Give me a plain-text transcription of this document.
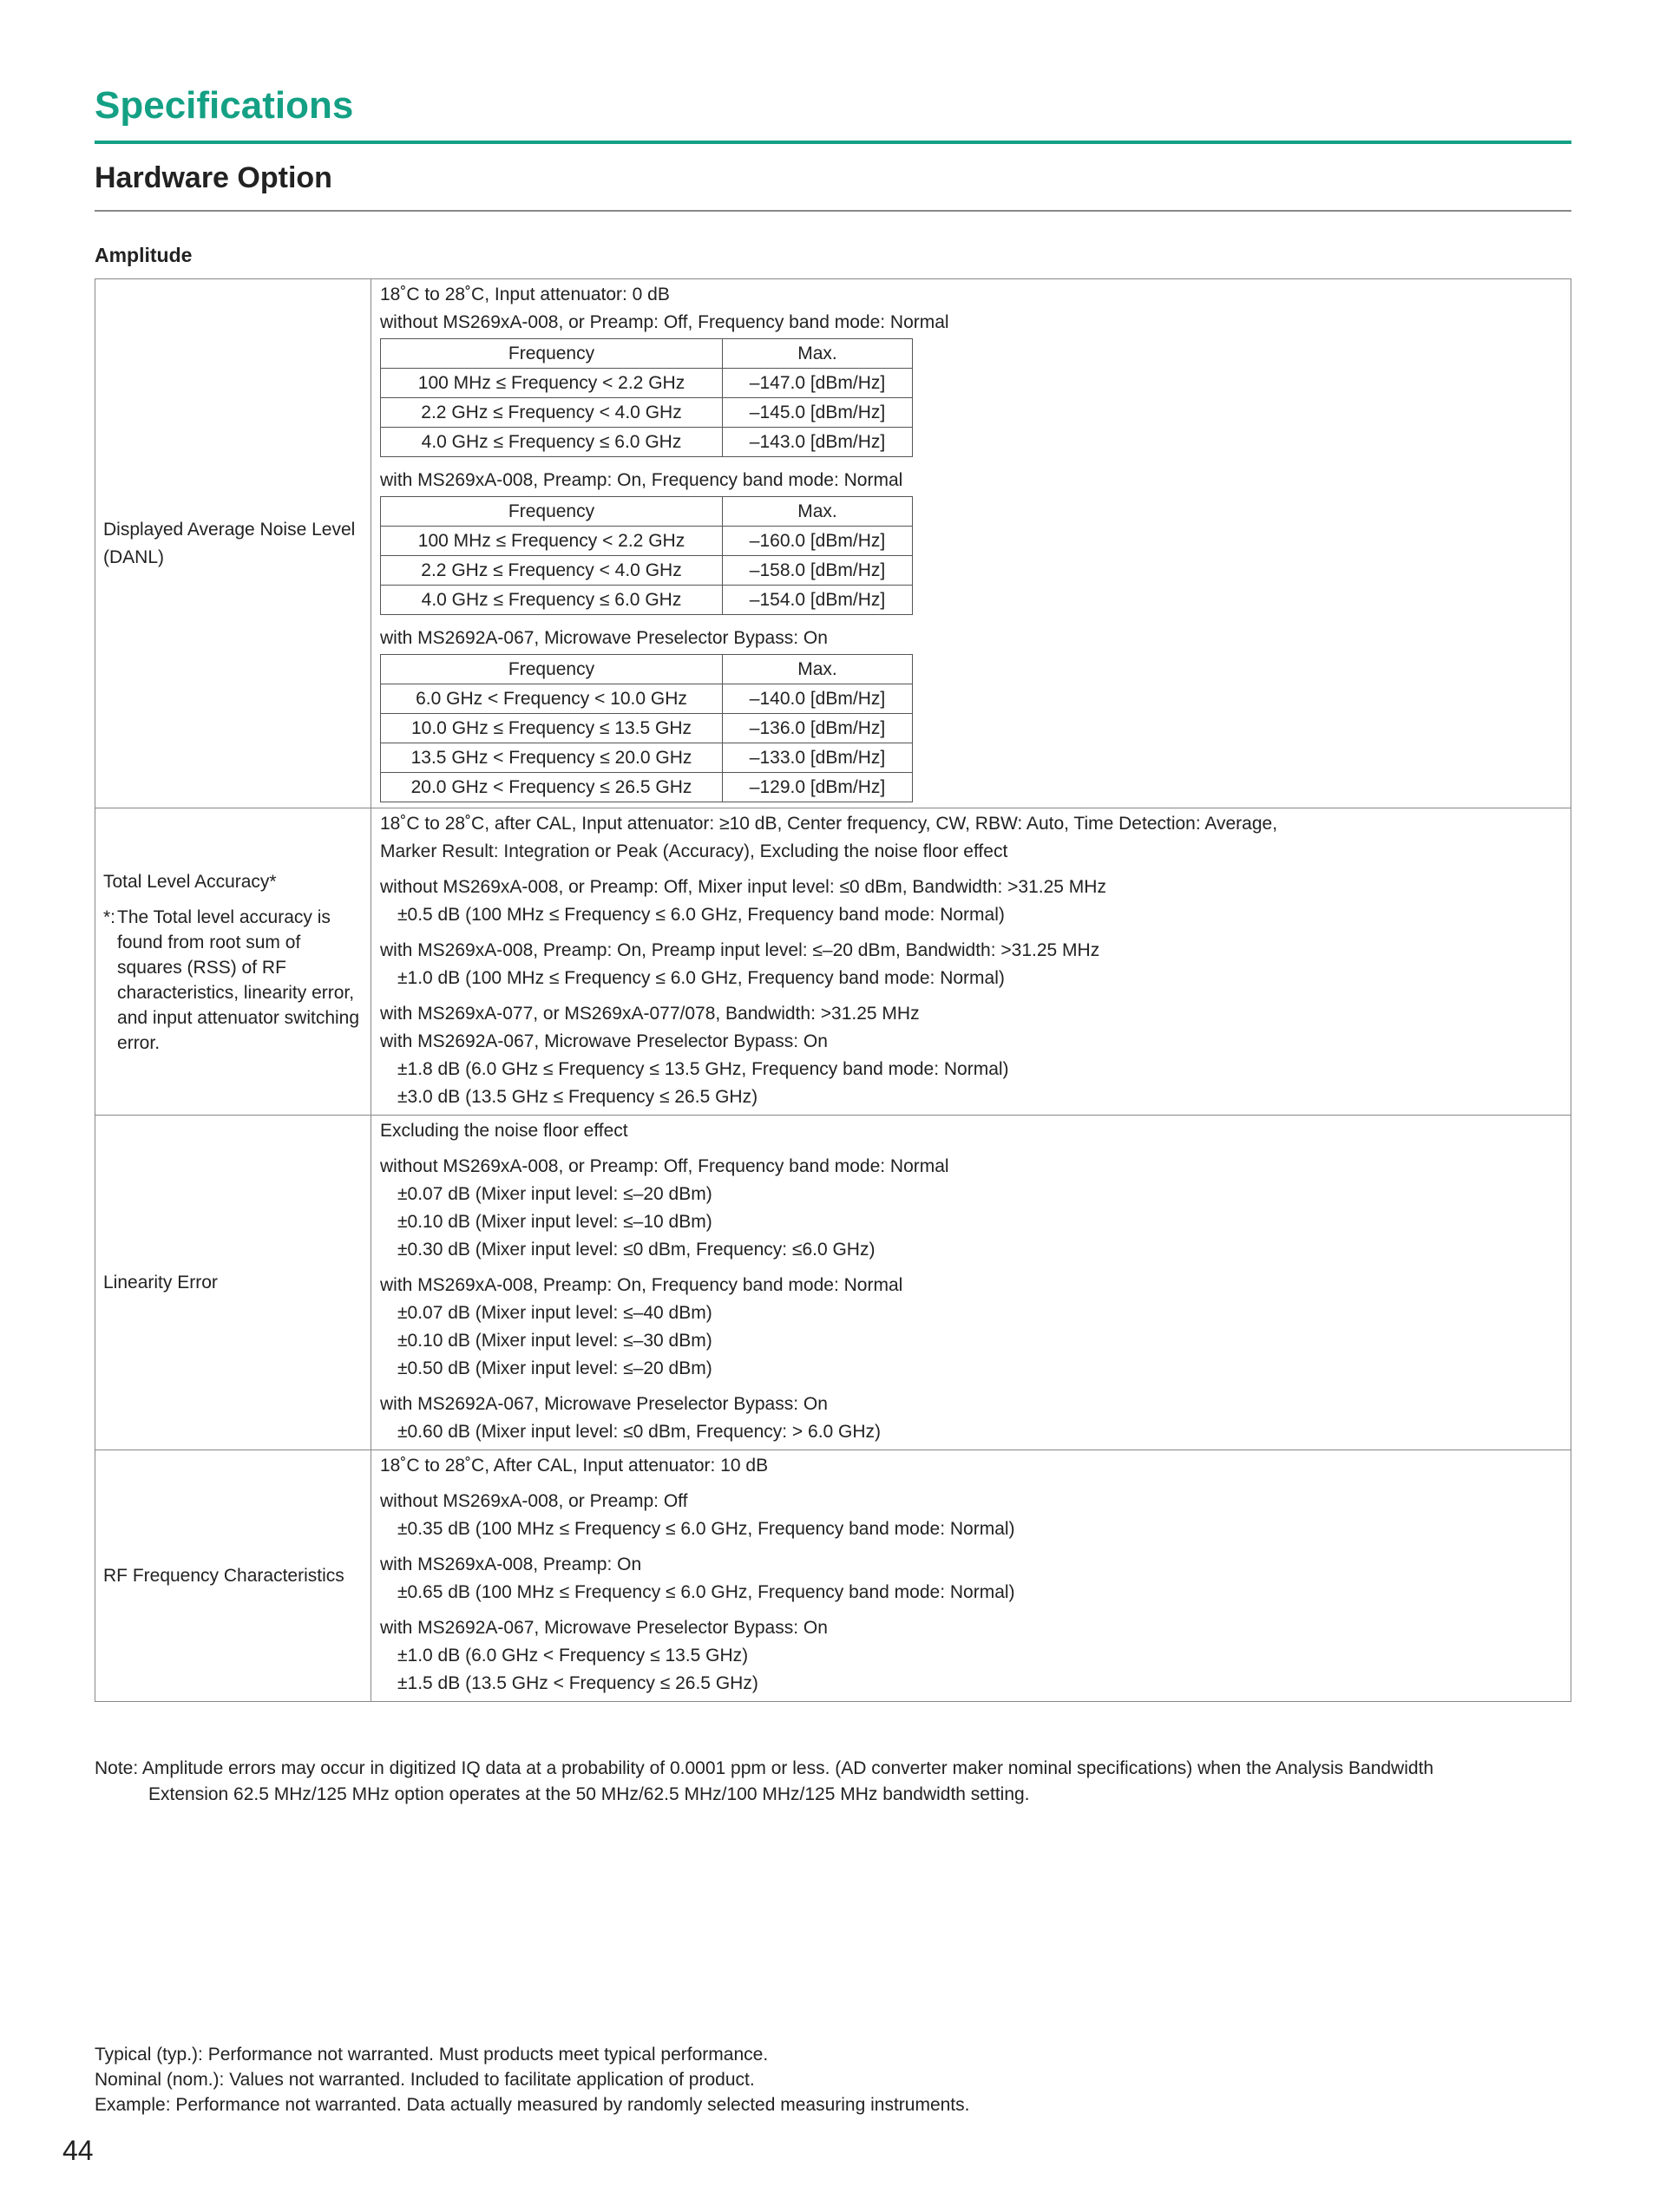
Specifications
Hardware Option
Amplitude
Displayed Average Noise Level (DANL)

18˚C to 28˚C, Input attenuator: 0 dB
without MS269xA-008, or Preamp: Off, Frequency band mode: Normal
Frequency	Max.
100 MHz ≤ Frequency < 2.2 GHz	–147.0 [dBm/Hz]
2.2 GHz ≤ Frequency < 4.0 GHz	–145.0 [dBm/Hz]
4.0 GHz ≤ Frequency ≤ 6.0 GHz	–143.0 [dBm/Hz]
with MS269xA-008, Preamp: On, Frequency band mode: Normal
Frequency	Max.
100 MHz ≤ Frequency < 2.2 GHz	–160.0 [dBm/Hz]
2.2 GHz ≤ Frequency < 4.0 GHz	–158.0 [dBm/Hz]
4.0 GHz ≤ Frequency ≤ 6.0 GHz	–154.0 [dBm/Hz]
with MS2692A-067, Microwave Preselector Bypass: On
Frequency	Max.
6.0 GHz < Frequency < 10.0 GHz	–140.0 [dBm/Hz]
10.0 GHz ≤ Frequency ≤ 13.5 GHz	–136.0 [dBm/Hz]
13.5 GHz < Frequency ≤ 20.0 GHz	–133.0 [dBm/Hz]
20.0 GHz < Frequency ≤ 26.5 GHz	–129.0 [dBm/Hz]

Total Level Accuracy*
*: The Total level accuracy is found from root sum of squares (RSS) of RF characteristics, linearity error, and input attenuator switching error.

18˚C to 28˚C, after CAL, Input attenuator: ≥10 dB, Center frequency, CW, RBW: Auto, Time Detection: Average,
Marker Result: Integration or Peak (Accuracy), Excluding the noise floor effect
without MS269xA-008, or Preamp: Off, Mixer input level: ≤0 dBm, Bandwidth: >31.25 MHz
±0.5 dB (100 MHz ≤ Frequency ≤ 6.0 GHz, Frequency band mode: Normal)
with MS269xA-008, Preamp: On, Preamp input level: ≤–20 dBm, Bandwidth: >31.25 MHz
±1.0 dB (100 MHz ≤ Frequency ≤ 6.0 GHz, Frequency band mode: Normal)
with MS269xA-077, or MS269xA-077/078, Bandwidth: >31.25 MHz
with MS2692A-067, Microwave Preselector Bypass: On
±1.8 dB (6.0 GHz ≤ Frequency ≤ 13.5 GHz, Frequency band mode: Normal)
±3.0 dB (13.5 GHz ≤ Frequency ≤ 26.5 GHz)

Linearity Error

Excluding the noise floor effect
without MS269xA-008, or Preamp: Off, Frequency band mode: Normal
±0.07 dB (Mixer input level: ≤–20 dBm)
±0.10 dB (Mixer input level: ≤–10 dBm)
±0.30 dB (Mixer input level: ≤0 dBm, Frequency: ≤6.0 GHz)
with MS269xA-008, Preamp: On, Frequency band mode: Normal
±0.07 dB (Mixer input level: ≤–40 dBm)
±0.10 dB (Mixer input level: ≤–30 dBm)
±0.50 dB (Mixer input level: ≤–20 dBm)
with MS2692A-067, Microwave Preselector Bypass: On
±0.60 dB (Mixer input level: ≤0 dBm, Frequency: > 6.0 GHz)

RF Frequency Characteristics

18˚C to 28˚C, After CAL, Input attenuator: 10 dB
without MS269xA-008, or Preamp: Off
±0.35 dB (100 MHz ≤ Frequency ≤ 6.0 GHz, Frequency band mode: Normal)
with MS269xA-008, Preamp: On
±0.65 dB (100 MHz ≤ Frequency ≤ 6.0 GHz, Frequency band mode: Normal)
with MS2692A-067, Microwave Preselector Bypass: On
±1.0 dB (6.0 GHz < Frequency ≤ 13.5 GHz)
±1.5 dB (13.5 GHz < Frequency ≤ 26.5 GHz)
Note: Amplitude errors may occur in digitized IQ data at a probability of 0.0001 ppm or less. (AD converter maker nominal specifications) when the Analysis Bandwidth
Extension 62.5 MHz/125 MHz option operates at the 50 MHz/62.5 MHz/100 MHz/125 MHz bandwidth setting.
Typical (typ.): Performance not warranted. Must products meet typical performance.
Nominal (nom.): Values not warranted. Included to facilitate application of product.
Example: Performance not warranted. Data actually measured by randomly selected measuring instruments.
44
